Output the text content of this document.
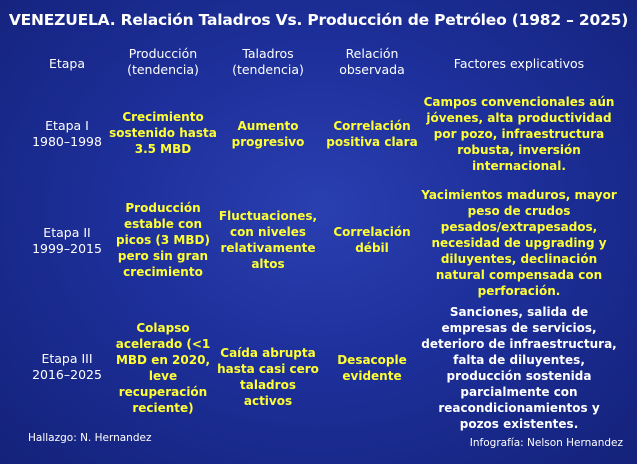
VENEZUELA. Relación Taladros Vs. Producción de Petróleo (1982 – 2025)
Etapa
Producción
(tendencia)
Taladros
(tendencia)
Relación
observada	Factores explicativos
Etapa I
1980–1998
Crecimiento
sostenido hasta
3.5 MBD
Aumento
progresivo
Correlación
positiva clara
Campos convencionales aún
jóvenes, alta productividad
por pozo, infraestructura
robusta, inversión
internacional.
Etapa II
1999–2015
Producción
estable con
picos (3 MBD)
pero sin gran
crecimiento
Fluctuaciones,
con niveles
relativamente
altos
Correlación
débil
Yacimientos maduros, mayor
peso de crudos
pesados/extrapesados,
necesidad de upgrading y
diluyentes, declinación
natural compensada con
perforación.
Etapa III
2016–2025
Colapso
acelerado (<1
MBD en 2020,
leve
recuperación
reciente)
Caída abrupta
hasta casi cero
taladros activos
Desacople
evidente
Sanciones, salida de
empresas de servicios,
deterioro de infraestructura,
falta de diluyentes,
producción sostenida
parcialmente con
reacondicionamientos y
pozos existentes.
Hallazgo: N. Hernandez	Infografía: Nelson Hernandez
